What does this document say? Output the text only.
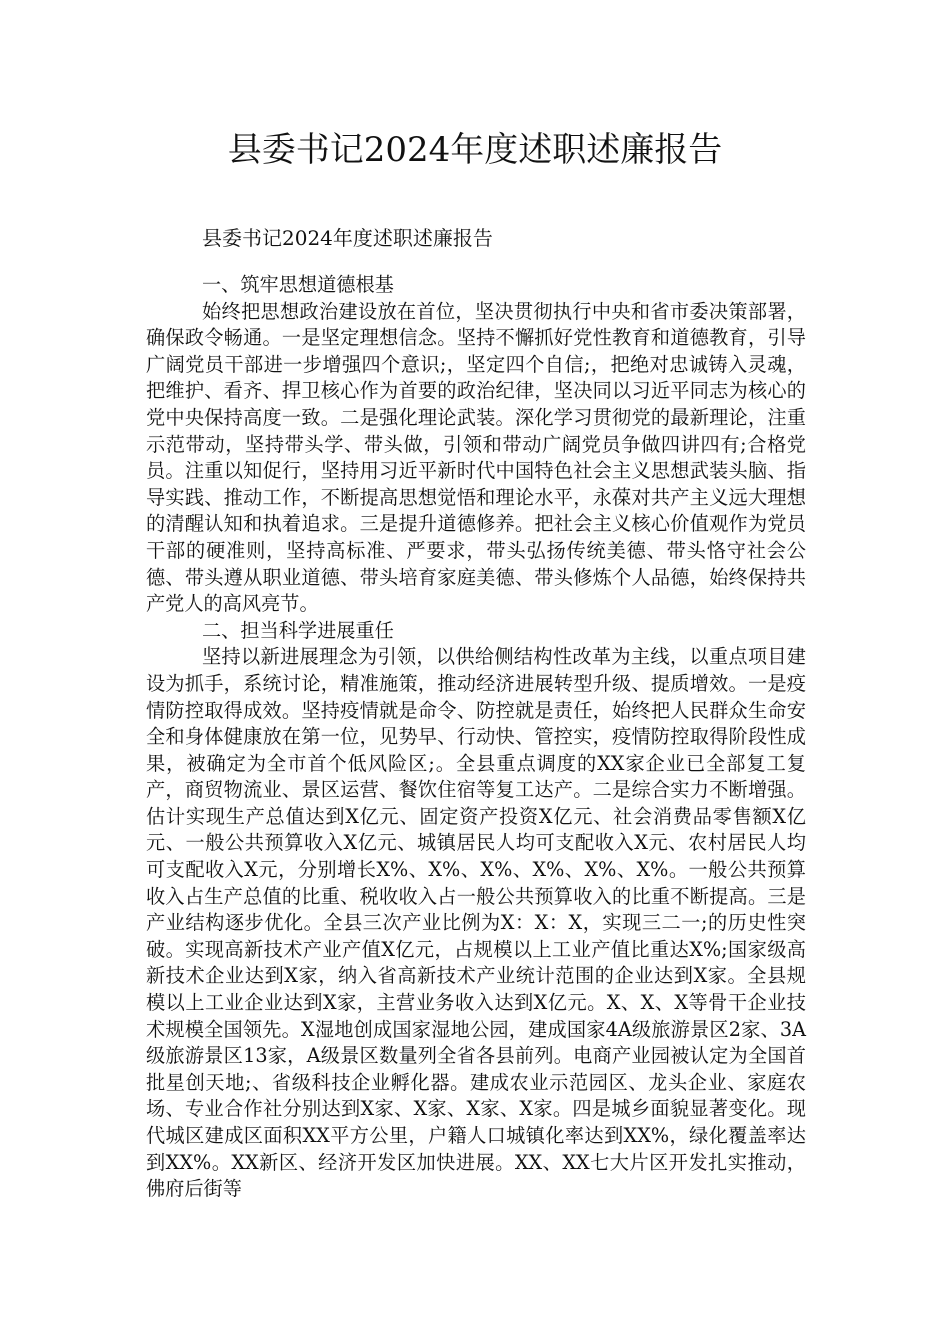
县委书记2024年度述职述廉报告

县委书记2024年度述职述廉报告

一、筑牢思想道德根基

始终把思想政治建设放在首位，坚决贯彻执行中央和省市委决策部署，确保政令畅通。一是坚定理想信念。坚持不懈抓好党性教育和道德教育，引导广阔党员干部进一步增强四个意识;，坚定四个自信;，把绝对忠诚铸入灵魂，把维护、看齐、捍卫核心作为首要的政治纪律，坚决同以习近平同志为核心的党中央保持高度一致。二是强化理论武装。深化学习贯彻党的最新理论，注重示范带动，坚持带头学、带头做，引领和带动广阔党员争做四讲四有;合格党员。注重以知促行，坚持用习近平新时代中国特色社会主义思想武装头脑、指导实践、推动工作，不断提高思想觉悟和理论水平，永葆对共产主义远大理想的清醒认知和执着追求。三是提升道德修养。把社会主义核心价值观作为党员干部的硬准则，坚持高标准、严要求，带头弘扬传统美德、带头恪守社会公德、带头遵从职业道德、带头培育家庭美德、带头修炼个人品德，始终保持共产党人的高风亮节。

二、担当科学进展重任

坚持以新进展理念为引领，以供给侧结构性改革为主线，以重点项目建设为抓手，系统讨论，精准施策，推动经济进展转型升级、提质增效。一是疫情防控取得成效。坚持疫情就是命令、防控就是责任，始终把人民群众生命安全和身体健康放在第一位，见势早、行动快、管控实，疫情防控取得阶段性成果，被确定为全市首个低风险区;。全县重点调度的XX家企业已全部复工复产，商贸物流业、景区运营、餐饮住宿等复工达产。二是综合实力不断增强。估计实现生产总值达到X亿元、固定资产投资X亿元、社会消费品零售额X亿元、一般公共预算收入X亿元、城镇居民人均可支配收入X元、农村居民人均可支配收入X元，分别增长X%、X%、X%、X%、X%、X%。一般公共预算收入占生产总值的比重、税收收入占一般公共预算收入的比重不断提高。三是产业结构逐步优化。全县三次产业比例为X：X：X，实现三二一;的历史性突破。实现高新技术产业产值X亿元，占规模以上工业产值比重达X%;国家级高新技术企业达到X家，纳入省高新技术产业统计范围的企业达到X家。全县规模以上工业企业达到X家，主营业务收入达到X亿元。X、X、X等骨干企业技术规模全国领先。X湿地创成国家湿地公园，建成国家4A级旅游景区2家、3A级旅游景区13家，A级景区数量列全省各县前列。电商产业园被认定为全国首批星创天地;、省级科技企业孵化器。建成农业示范园区、龙头企业、家庭农场、专业合作社分别达到X家、X家、X家、X家。四是城乡面貌显著变化。现代城区建成区面积XX平方公里，户籍人口城镇化率达到XX%，绿化覆盖率达到XX%。XX新区、经济开发区加快进展。XX、XX七大片区开发扎实推动，佛府后街等
